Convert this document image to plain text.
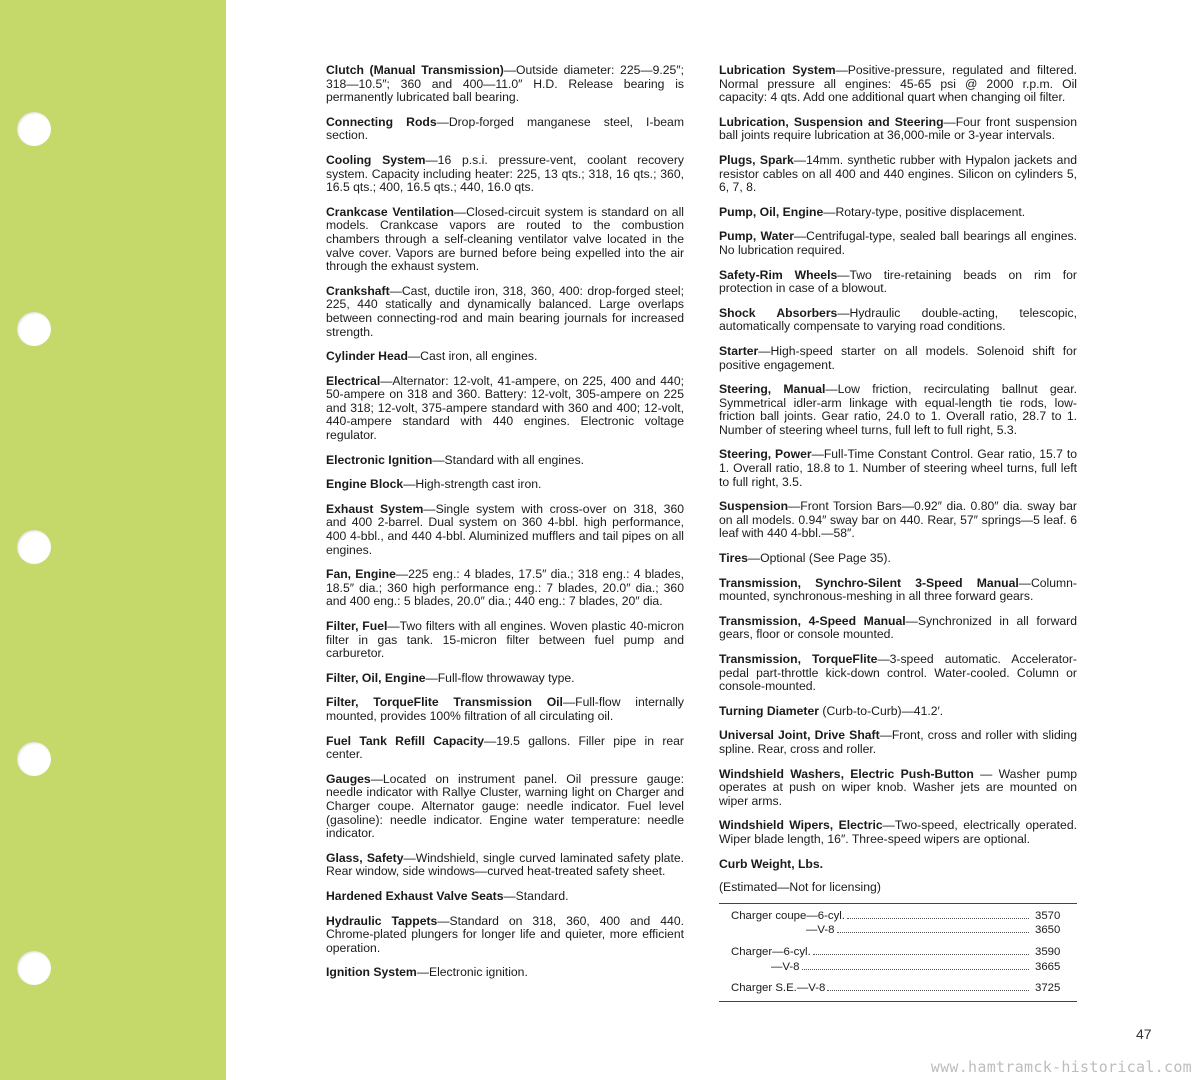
Clutch (Manual Transmission)—Outside diameter: 225—9.25″; 318—10.5″; 360 and 400—11.0″ H.D. Release bearing is permanently lubricated ball bearing.
Connecting Rods—Drop-forged manganese steel, I-beam section.
Cooling System—16 p.s.i. pressure-vent, coolant recovery system. Capacity including heater: 225, 13 qts.; 318, 16 qts.; 360, 16.5 qts.; 400, 16.5 qts.; 440, 16.0 qts.
Crankcase Ventilation—Closed-circuit system is standard on all models. Crankcase vapors are routed to the combustion chambers through a self-cleaning ventilator valve located in the valve cover. Vapors are burned before being expelled into the air through the exhaust system.
Crankshaft—Cast, ductile iron, 318, 360, 400: drop-forged steel; 225, 440 statically and dynamically balanced. Large overlaps between connecting-rod and main bearing journals for increased strength.
Cylinder Head—Cast iron, all engines.
Electrical—Alternator: 12-volt, 41-ampere, on 225, 400 and 440; 50-ampere on 318 and 360. Battery: 12-volt, 305-ampere on 225 and 318; 12-volt, 375-ampere standard with 360 and 400; 12-volt, 440-ampere standard with 440 engines. Electronic voltage regulator.
Electronic Ignition—Standard with all engines.
Engine Block—High-strength cast iron.
Exhaust System—Single system with cross-over on 318, 360 and 400 2-barrel. Dual system on 360 4-bbl. high performance, 400 4-bbl., and 440 4-bbl. Aluminized mufflers and tail pipes on all engines.
Fan, Engine—225 eng.: 4 blades, 17.5″ dia.; 318 eng.: 4 blades, 18.5″ dia.; 360 high performance eng.: 7 blades, 20.0″ dia.; 360 and 400 eng.: 5 blades, 20.0″ dia.; 440 eng.: 7 blades, 20″ dia.
Filter, Fuel—Two filters with all engines. Woven plastic 40-micron filter in gas tank. 15-micron filter between fuel pump and carburetor.
Filter, Oil, Engine—Full-flow throwaway type.
Filter, TorqueFlite Transmission Oil—Full-flow internally mounted, provides 100% filtration of all circulating oil.
Fuel Tank Refill Capacity—19.5 gallons. Filler pipe in rear center.
Gauges—Located on instrument panel. Oil pressure gauge: needle indicator with Rallye Cluster, warning light on Charger and Charger coupe. Alternator gauge: needle indicator. Fuel level (gasoline): needle indicator. Engine water temperature: needle indicator.
Glass, Safety—Windshield, single curved laminated safety plate. Rear window, side windows—curved heat-treated safety sheet.
Hardened Exhaust Valve Seats—Standard.
Hydraulic Tappets—Standard on 318, 360, 400 and 440. Chrome-plated plungers for longer life and quieter, more efficient operation.
Ignition System—Electronic ignition.
Lubrication System—Positive-pressure, regulated and filtered. Normal pressure all engines: 45-65 psi @ 2000 r.p.m. Oil capacity: 4 qts. Add one additional quart when changing oil filter.
Lubrication, Suspension and Steering—Four front suspension ball joints require lubrication at 36,000-mile or 3-year intervals.
Plugs, Spark—14mm. synthetic rubber with Hypalon jackets and resistor cables on all 400 and 440 engines. Silicon on cylinders 5, 6, 7, 8.
Pump, Oil, Engine—Rotary-type, positive displacement.
Pump, Water—Centrifugal-type, sealed ball bearings all engines. No lubrication required.
Safety-Rim Wheels—Two tire-retaining beads on rim for protection in case of a blowout.
Shock Absorbers—Hydraulic double-acting, telescopic, automatically compensate to varying road conditions.
Starter—High-speed starter on all models. Solenoid shift for positive engagement.
Steering, Manual—Low friction, recirculating ballnut gear. Symmetrical idler-arm linkage with equal-length tie rods, low-friction ball joints. Gear ratio, 24.0 to 1. Overall ratio, 28.7 to 1. Number of steering wheel turns, full left to full right, 5.3.
Steering, Power—Full-Time Constant Control. Gear ratio, 15.7 to 1. Overall ratio, 18.8 to 1. Number of steering wheel turns, full left to full right, 3.5.
Suspension—Front Torsion Bars—0.92″ dia. 0.80″ dia. sway bar on all models. 0.94″ sway bar on 440. Rear, 57″ springs—5 leaf. 6 leaf with 440 4-bbl.—58″.
Tires—Optional (See Page 35).
Transmission, Synchro-Silent 3-Speed Manual—Column-mounted, synchronous-meshing in all three forward gears.
Transmission, 4-Speed Manual—Synchronized in all forward gears, floor or console mounted.
Transmission, TorqueFlite—3-speed automatic. Accelerator-pedal part-throttle kick-down control. Water-cooled. Column or console-mounted.
Turning Diameter (Curb-to-Curb)—41.2′.
Universal Joint, Drive Shaft—Front, cross and roller with sliding spline. Rear, cross and roller.
Windshield Washers, Electric Push-Button — Washer pump operates at push on wiper knob. Washer jets are mounted on wiper arms.
Windshield Wipers, Electric—Two-speed, electrically operated. Wiper blade length, 16″. Three-speed wipers are optional.
Curb Weight, Lbs.
(Estimated—Not for licensing)
Charger coupe—6-cyl.	3570
—V-8	3650
Charger—6-cyl.	3590
—V-8	3665
Charger S.E.—V-8	3725
47
www.hamtramck-historical.com
